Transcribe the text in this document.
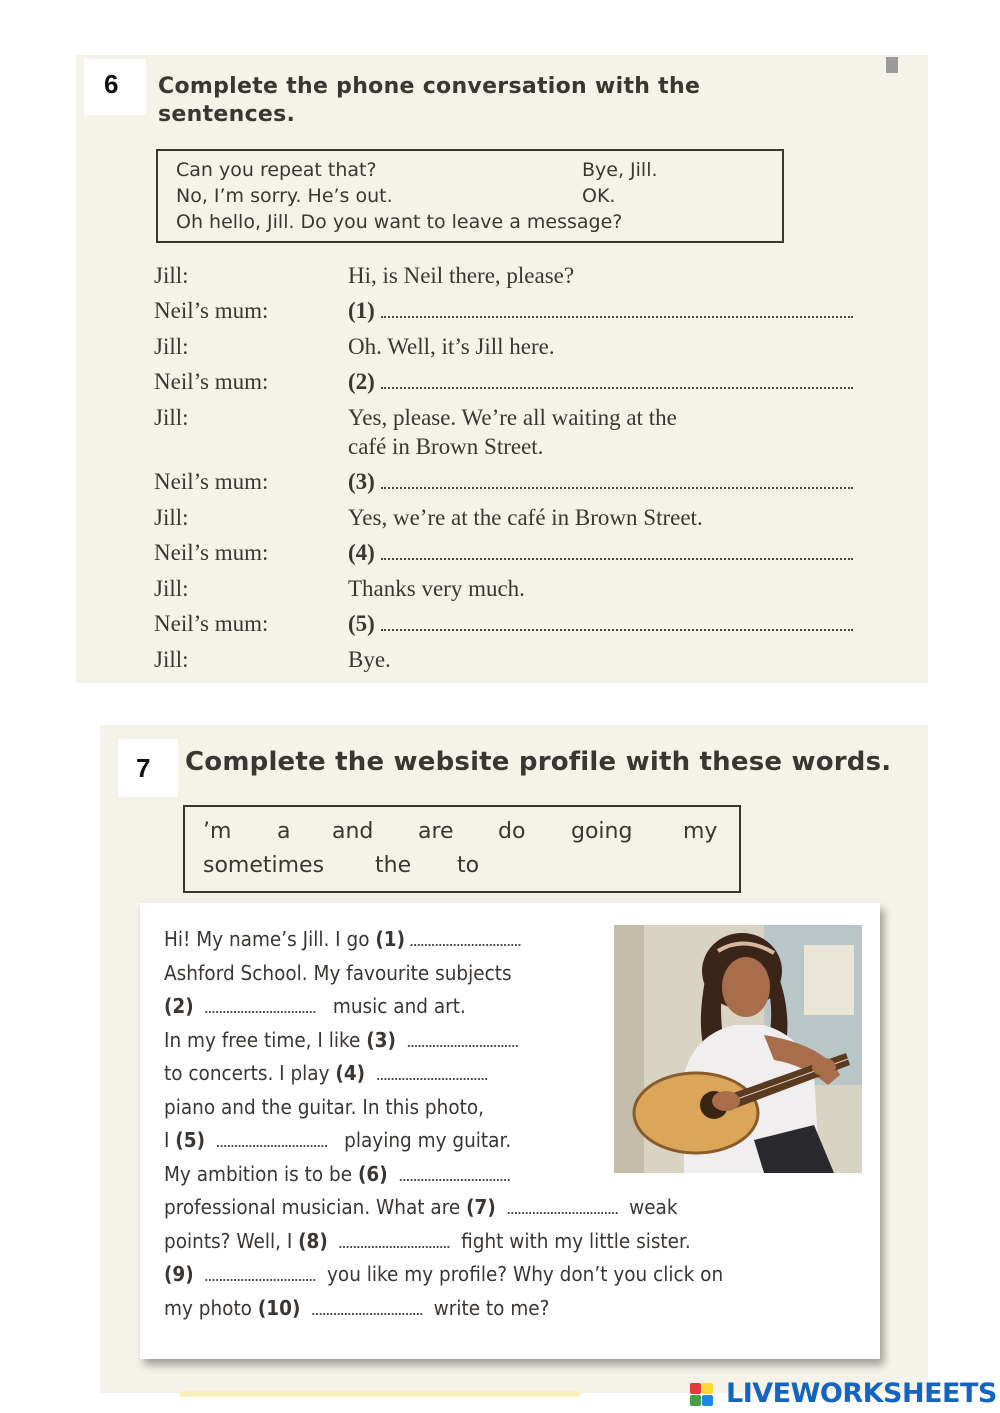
6 Complete the phone conversation with the
sentences.
Can you repeat that?	Bye, Jill.
No, I’m sorry. He’s out.	OK.
Oh hello, Jill. Do you want to leave a message?
Jill:	Hi, is Neil there, please?
Neil’s mum:	(1)
Jill:	Oh. Well, it’s Jill here.
Neil’s mum:	(2)
Jill:	Yes, please. We’re all waiting at the
café in Brown Street.
Neil’s mum:	(3)
Jill:	Yes, we’re at the café in Brown Street.
Neil’s mum:	(4)
Jill:	Thanks very much.
Neil’s mum:	(5)
Jill:	Bye.
7 Complete the website profile with these words.
’m a and are do going my
sometimes the to
Hi! My name’s Jill. I go (1)
Ashford School. My favourite subjects
(2)	music and art.
In my free time, I like (3)
to concerts. I play (4)
piano and the guitar. In this photo,
I (5)	playing my guitar.
My ambition is to be (6)
professional musician. What are (7)	weak
points? Well, I (8)	fight with my little sister.
(9)	you like my profile? Why don’t you click on
my photo (10)	write to me?
LIVEWORKSHEETS
